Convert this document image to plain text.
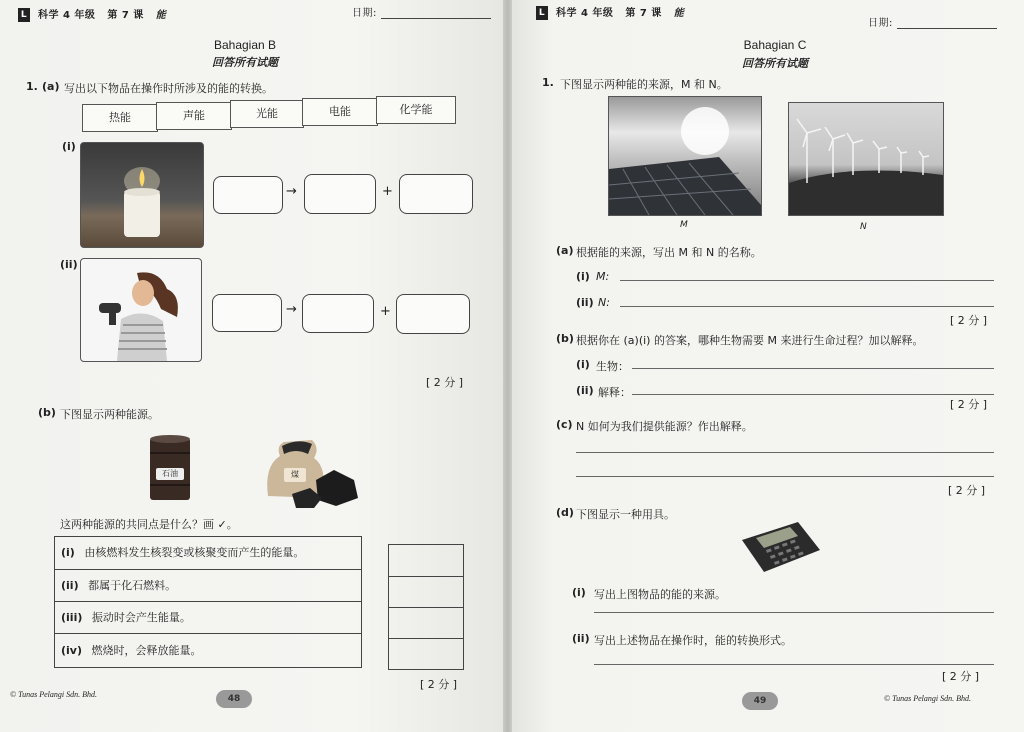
L 科学 4 年级 第 7 课 能	日期:
Bahagian B
回答所有试题
1. (a) 写出以下物品在操作时所涉及的能的转换。
热能	声能	光能	电能	化学能
(i)
→	+
(ii)
→	+
[ 2 分 ]
(b) 下图显示两种能源。
石油	煤
这两种能源的共同点是什么？画 ✓。
(i) 由核燃料发生核裂变或核聚变而产生的能量。
(ii) 都属于化石燃料。
(iii) 振动时会产生能量。
(iv) 燃烧时，会释放能量。
[ 2 分 ]
© Tunas Pelangi Sdn. Bhd.	48
L 科学 4 年级 第 7 课 能
日期:
Bahagian C
回答所有试题
1. 下图显示两种能的来源，M 和 N。
M	N
(a) 根据能的来源，写出 M 和 N 的名称。
(i) M:
(ii) N:
[ 2 分 ]
(b) 根据你在 (a)(i) 的答案，哪种生物需要 M 来进行生命过程？加以解释。
(i) 生物：
(ii) 解释：
[ 2 分 ]
(c) N 如何为我们提供能源？作出解释。
[ 2 分 ]
(d) 下图显示一种用具。
(i) 写出上图物品的能的来源。
(ii) 写出上述物品在操作时，能的转换形式。
[ 2 分 ]
49	© Tunas Pelangi Sdn. Bhd.
